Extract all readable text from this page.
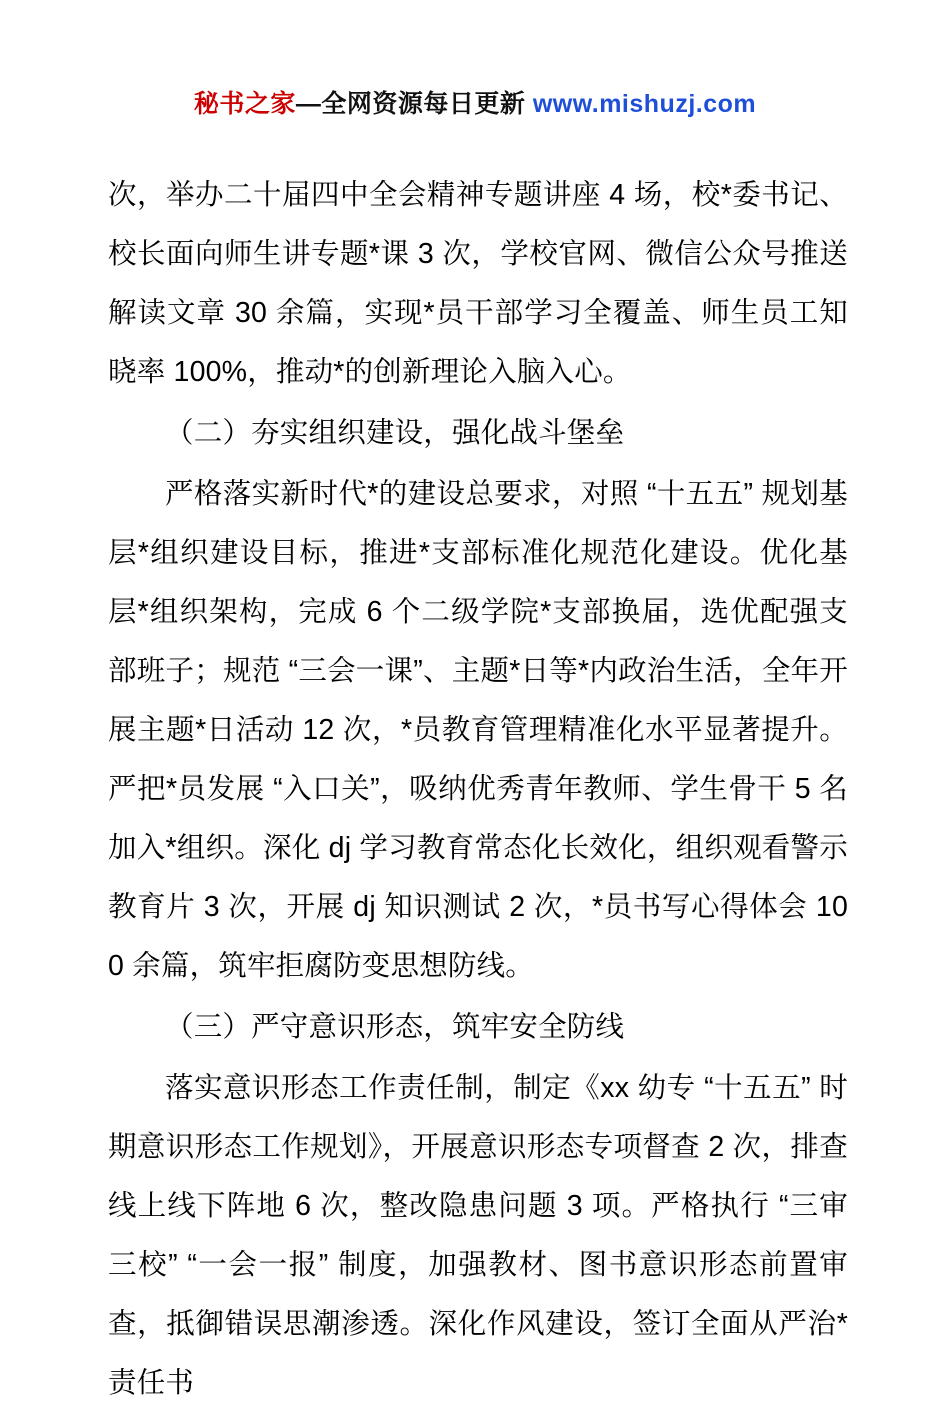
秘书之家—全网资源每日更新 www.mishuzj.com

次，举办二十届四中全会精神专题讲座 4 场，校*委书记、校长面向师生讲专题*课 3 次，学校官网、微信公众号推送解读文章 30 余篇，实现*员干部学习全覆盖、师生员工知晓率 100%，推动*的创新理论入脑入心。

（二）夯实组织建设，强化战斗堡垒

严格落实新时代*的建设总要求，对照 “十五五” 规划基层*组织建设目标，推进*支部标准化规范化建设。优化基层*组织架构，完成 6 个二级学院*支部换届，选优配强支部班子；规范 “三会一课”、主题*日等*内政治生活，全年开展主题*日活动 12 次，*员教育管理精准化水平显著提升。严把*员发展 “入口关”，吸纳优秀青年教师、学生骨干 5 名加入*组织。深化 dj 学习教育常态化长效化，组织观看警示教育片 3 次，开展 dj 知识测试 2 次，*员书写心得体会 100 余篇，筑牢拒腐防变思想防线。

（三）严守意识形态，筑牢安全防线

落实意识形态工作责任制，制定《xx 幼专 “十五五” 时期意识形态工作规划》，开展意识形态专项督查 2 次，排查线上线下阵地 6 次，整改隐患问题 3 项。严格执行 “三审三校” “一会一报” 制度，加强教材、图书意识形态前置审查，抵御错误思潮渗透。深化作风建设，签订全面从严治*责任书
